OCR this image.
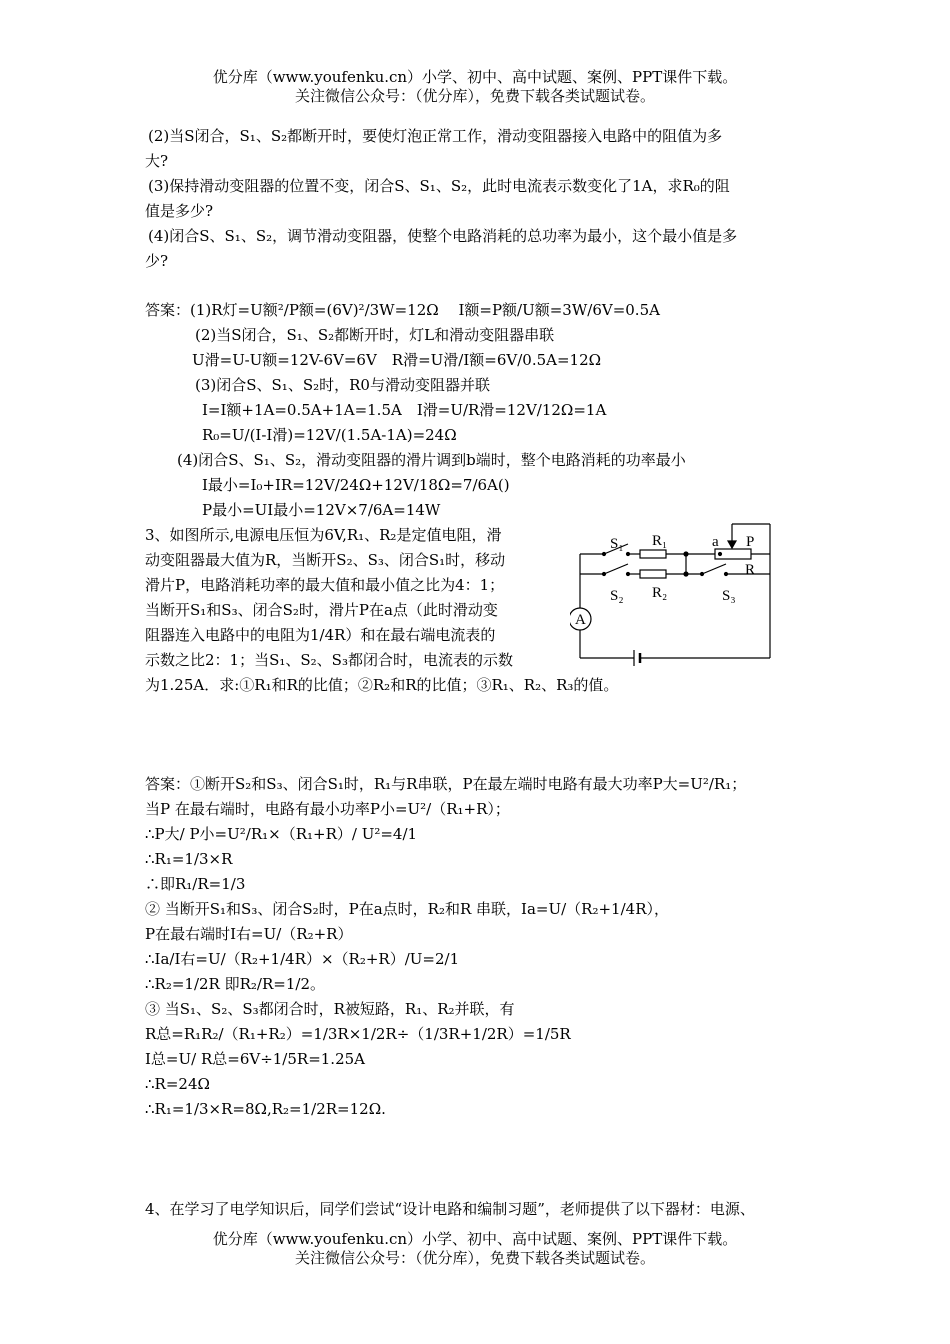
优分库（www.youfenku.cn）小学、初中、高中试题、案例、PPT课件下载。
关注微信公众号：（优分库），免费下载各类试题试卷。
(2)当S闭合，S₁、S₂都断开时，要使灯泡正常工作，滑动变阻器接入电路中的阻值为多
大?
(3)保持滑动变阻器的位置不变，闭合S、S₁、S₂，此时电流表示数变化了1A，求R₀的阻
值是多少?
(4)闭合S、S₁、S₂，调节滑动变阻器，使整个电路消耗的总功率为最小，这个最小值是多
少?
答案：(1)R灯=U额²/P额=(6V)²/3W=12Ω　 I额=P额/U额=3W/6V=0.5A
(2)当S闭合，S₁、S₂都断开时，灯L和滑动变阻器串联
U滑=U-U额=12V-6V=6V　R滑=U滑/I额=6V/0.5A=12Ω
(3)闭合S、S₁、S₂时，R0与滑动变阻器并联
I=I额+1A=0.5A+1A=1.5A　I滑=U/R滑=12V/12Ω=1A
R₀=U/(I-I滑)=12V/(1.5A-1A)=24Ω
(4)闭合S、S₁、S₂，滑动变阻器的滑片调到b端时，整个电路消耗的功率最小
I最小=I₀+IR=12V/24Ω+12V/18Ω=7/6A()
P最小=UI最小=12V×7/6A=14W
3、如图所示,电源电压恒为6V,R₁、R₂是定值电阻，滑
动变阻器最大值为R，当断开S₂、S₃、闭合S₁时，移动
滑片P，电路消耗功率的最大值和最小值之比为4：1；
当断开S₁和S₃、闭合S₂时，滑片P在a点（此时滑动变
阻器连入电路中的电阻为1/4R）和在最右端电流表的
示数之比2：1；当S₁、S₂、S₃都闭合时，电流表的示数
为1.25A．求:①R₁和R的比值；②R₂和R的比值；③R₁、R₂、R₃的值。
S₁ R₁	a P
R
S₂ R₂	S₃
A
答案：①断开S₂和S₃、闭合S₁时，R₁与R串联，P在最左端时电路有最大功率P大=U²/R₁；
当P 在最右端时，电路有最小功率P小=U²/（R₁+R）；
∴P大/ P小=U²/R₁×（R₁+R）/ U²=4/1
∴R₁=1/3×R
∴即R₁/R=1/3
② 当断开S₁和S₃、闭合S₂时，P在a点时，R₂和R 串联，Ia=U/（R₂+1/4R），
P在最右端时I右=U/（R₂+R）
∴Ia/I右=U/（R₂+1/4R）×（R₂+R）/U=2/1
∴R₂=1/2R 即R₂/R=1/2。
③ 当S₁、S₂、S₃都闭合时，R被短路，R₁、R₂并联，有
R总=R₁R₂/（R₁+R₂）=1/3R×1/2R÷（1/3R+1/2R）=1/5R
I总=U/ R总=6V÷1/5R=1.25A
∴R=24Ω
∴R₁=1/3×R=8Ω,R₂=1/2R=12Ω.
4、在学习了电学知识后，同学们尝试“设计电路和编制习题”，老师提供了以下器材：电源、
优分库（www.youfenku.cn）小学、初中、高中试题、案例、PPT课件下载。
关注微信公众号：（优分库），免费下载各类试题试卷。
